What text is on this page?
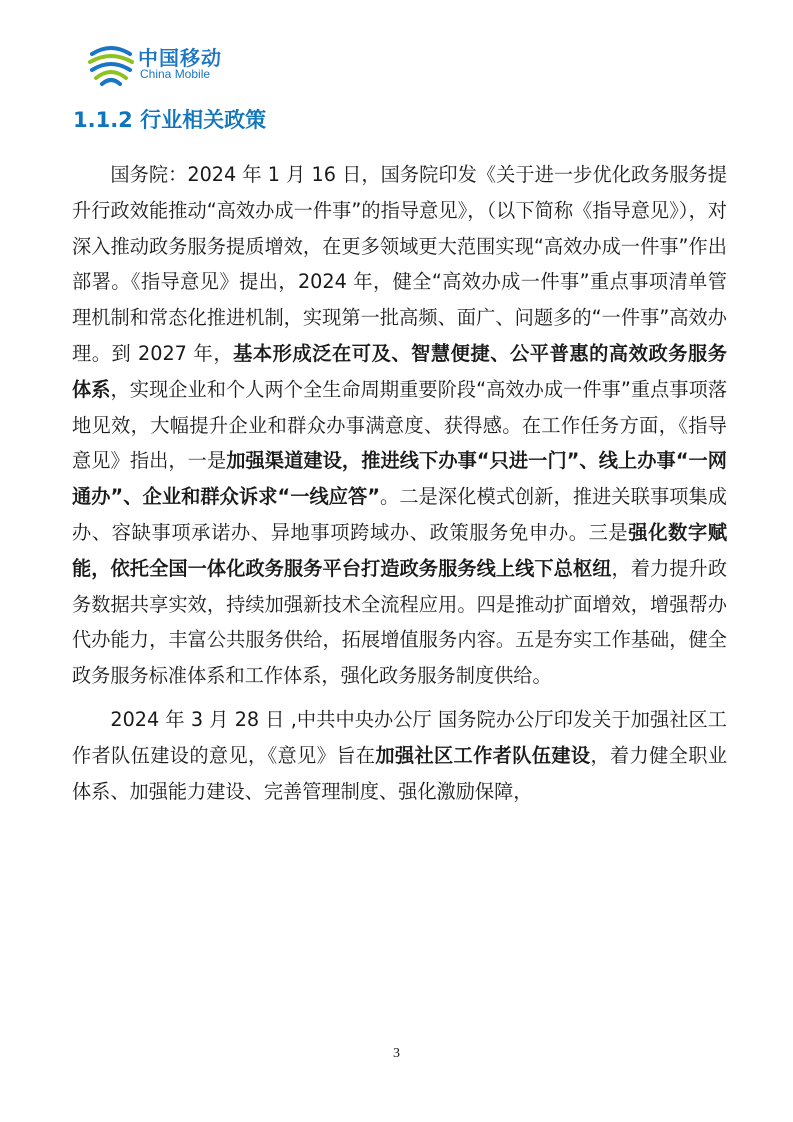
中国移动
China Mobile
1.1.2 行业相关政策

国务院：2024 年 1 月 16 日，国务院印发《关于进一步优化政务服务提升行政效能推动“高效办成一件事”的指导意见》，（以下简称《指导意见》），对深入推动政务服务提质增效，在更多领域更大范围实现“高效办成一件事”作出部署。《指导意见》提出，2024 年，健全“高效办成一件事”重点事项清单管理机制和常态化推进机制，实现第一批高频、面广、问题多的“一件事”高效办理。到 2027 年，基本形成泛在可及、智慧便捷、公平普惠的高效政务服务体系，实现企业和个人两个全生命周期重要阶段“高效办成一件事”重点事项落地见效，大幅提升企业和群众办事满意度、获得感。在工作任务方面，《指导意见》指出，一是加强渠道建设，推进线下办事“只进一门”、线上办事“一网通办”、企业和群众诉求“一线应答”。二是深化模式创新，推进关联事项集成办、容缺事项承诺办、异地事项跨域办、政策服务免申办。三是强化数字赋能，依托全国一体化政务服务平台打造政务服务线上线下总枢纽，着力提升政务数据共享实效，持续加强新技术全流程应用。四是推动扩面增效，增强帮办代办能力，丰富公共服务供给，拓展增值服务内容。五是夯实工作基础，健全政务服务标准体系和工作体系，强化政务服务制度供给。

2024 年 3 月 28 日 ,中共中央办公厅 国务院办公厅印发关于加强社区工作者队伍建设的意见，《意见》旨在加强社区工作者队伍建设，着力健全职业体系、加强能力建设、完善管理制度、强化激励保障，

3
